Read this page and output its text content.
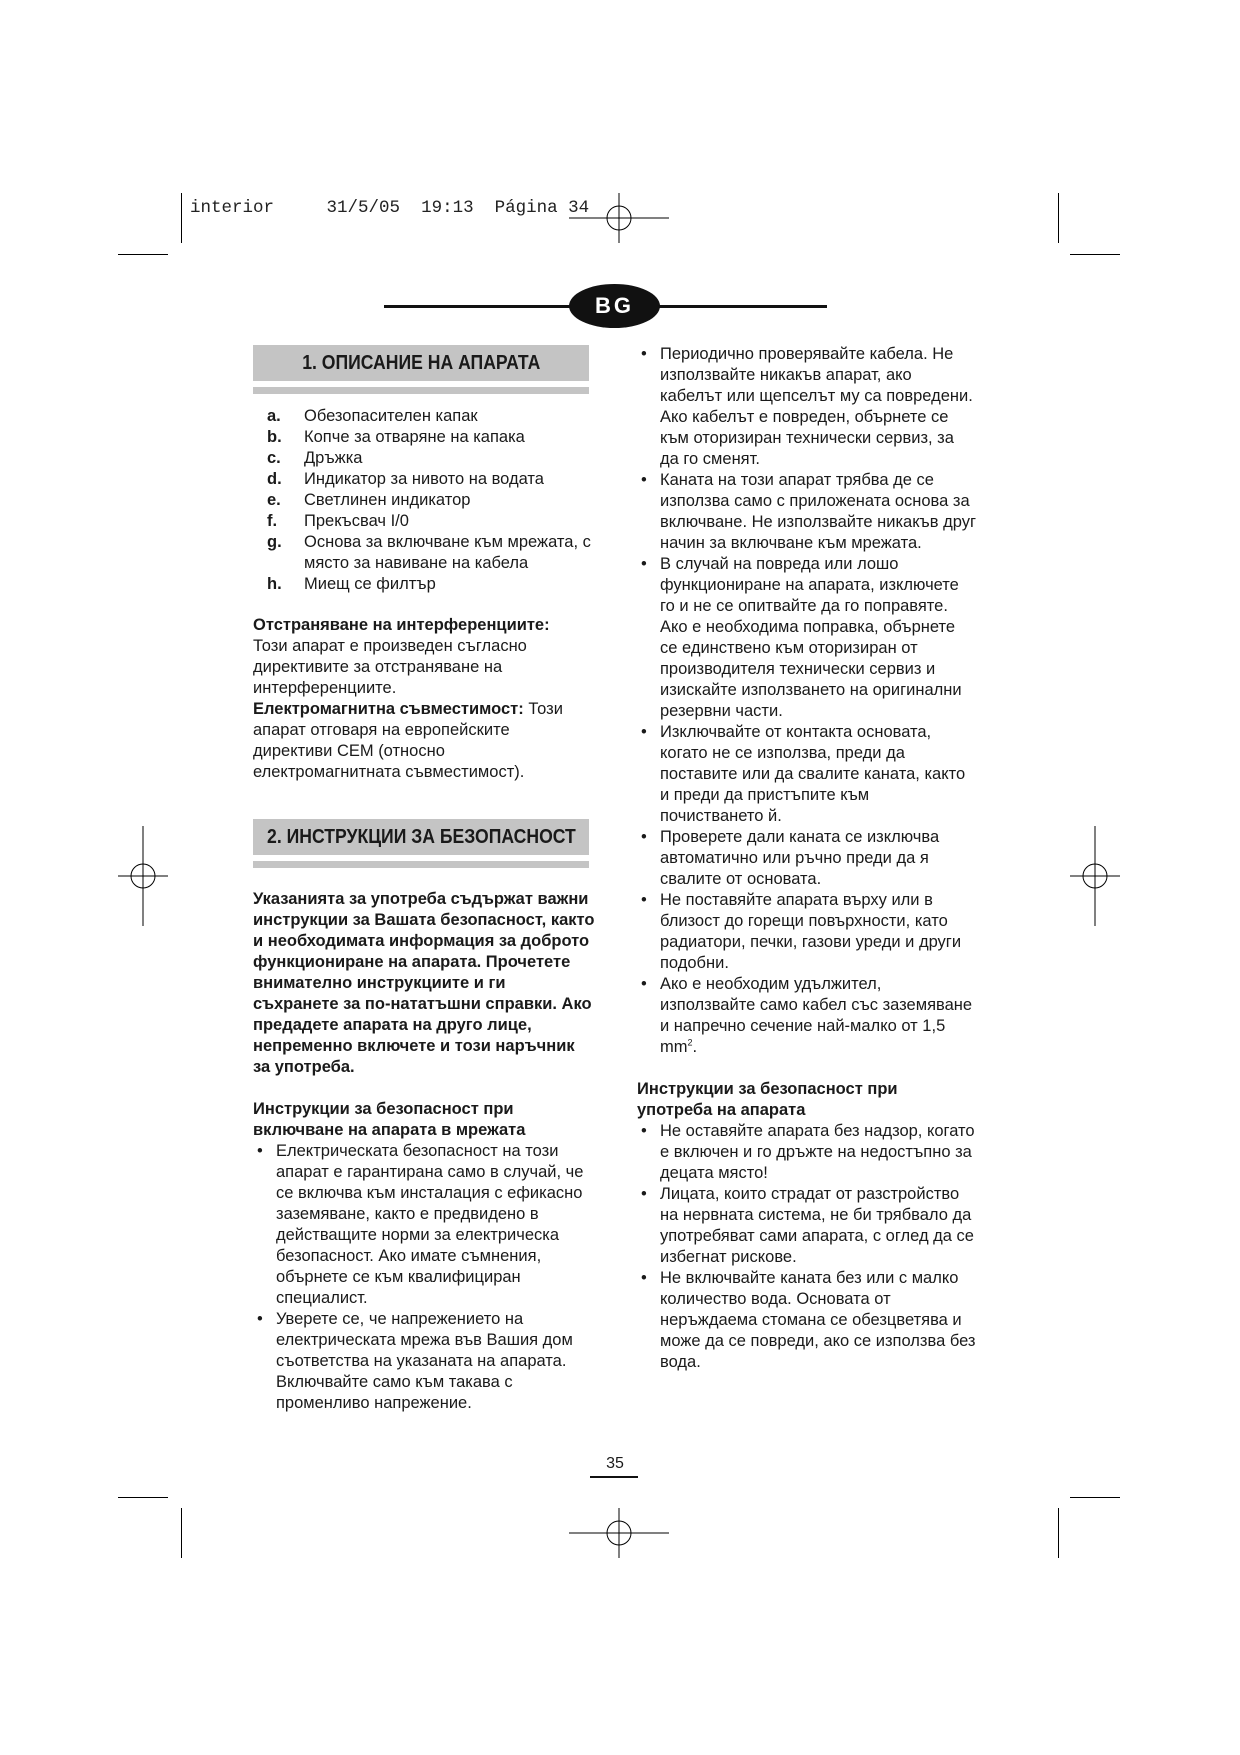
interior	31/5/05 19:13 Página 34
BG
1. ОПИСАНИЕ НА АПАРАТА
a.	Обезопасителен капак
b.	Копче за отваряне на капака
c.	Дръжка
d.	Индикатор за нивото на водата
e.	Светлинен индикатор
f.	Прекъсвач I/0
g.	Основа за включване към мрежата, с място за навиване на кабела
h.	Миещ се филтър

Отстраняване на интерференциите:
Този апарат е произведен съгласно директивите за отстраняване на интерференциите.

Електромагнитна съвместимост: Този апарат отговаря на европейските директиви CEM (относно електромагнитната съвместимост).

2. ИНСТРУКЦИИ ЗА БЕЗОПАСНОСТ

Указанията за употреба съдържат важни инструкции за Вашата безопасност, както и необходимата информация за доброто функциониране на апарата. Прочетете внимателно инструкциите и ги съхранете за по-нататъшни справки. Ако предадете апарата на друго лице, непременно включете и този наръчник за употреба.

Инструкции за безопасност при включване на апарата в мрежата

• Електрическата безопасност на този апарат е гарантирана само в случай, че се включва към инсталация с ефикасно заземяване, както е предвидено в действащите норми за електрическа безопасност. Ако имате съмнения, обърнете се към квалифициран специалист.
• Уверете се, че напрежението на електрическата мрежа във Вашия дом съответства на указаната на апарата. Включвайте само към такава с променливо напрежение.
• Периодично проверявайте кабела. Не използвайте никакъв апарат, ако кабелът или щепселът му са повредени. Ако кабелът е повреден, обърнете се към оторизиран технически сервиз, за да го сменят.
• Каната на този апарат трябва де се използва само с приложената основа за включване. Не използвайте никакъв друг начин за включване към мрежата.
• В случай на повреда или лошо функциониране на апарата, изключете го и не се опитвайте да го поправяте. Ако е необходима поправка, обърнете се единствено към оторизиран от производителя технически сервиз и изискайте използването на оригинални резервни части.
• Изключвайте от контакта основата, когато не се използва, преди да поставите или да свалите каната, както и преди да пристъпите към почистването й.
• Проверете дали каната се изключва автоматично или ръчно преди да я свалите от основата.
• Не поставяйте апарата върху или в близост до горещи повърхности, като радиатори, печки, газови уреди и други подобни.
• Ако е необходим удължител, използвайте само кабел със заземяване и напречно сечение най-малко от 1,5 $mm^2$.

Инструкции за безопасност при употреба на апарата

• Не оставяйте апарата без надзор, когато е включен и го дръжте на недостъпно за децата място!
• Лицата, които страдат от разстройство на нервната система, не би трябвало да употребяват сами апарата, с оглед да се избегнат рискове.
• Не включвайте каната без или с малко количество вода. Основата от неръждаема стомана се обезцветява и може да се повреди, ако се използва без вода.
35
